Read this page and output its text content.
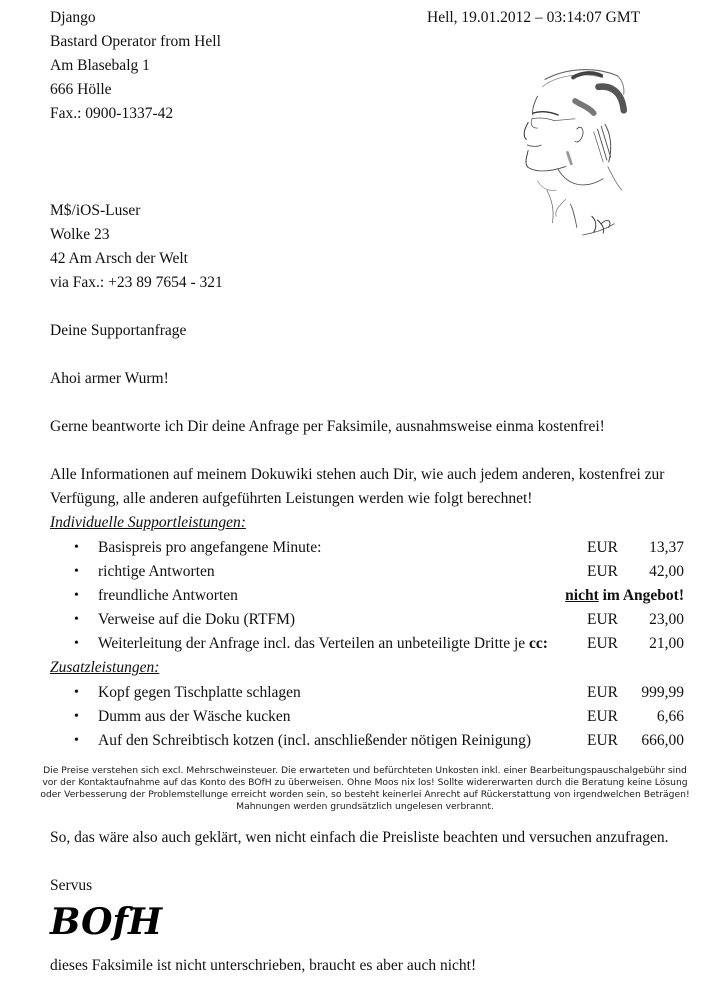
Django
Bastard Operator from Hell
Am Blasebalg 1
666 Hölle
Fax.: 0900-1337-42
Hell, 19.01.2012 – 03:14:07 GMT
M$/iOS-Luser
Wolke 23
42 Am Arsch der Welt
via Fax.: +23 89 7654 - 321
Deine Supportanfrage
Ahoi armer Wurm!
Gerne beantworte ich Dir deine Anfrage per Faksimile, ausnahmsweise einma kostenfrei!
Alle Informationen auf meinem Dokuwiki stehen auch Dir, wie auch jedem anderen, kostenfrei zur Verfügung, alle anderen aufgeführten Leistungen werden wie folgt berechnet!
Individuelle Supportleistungen:
• Basispreis pro angefangene Minute:	EUR 13,37
• richtige Antworten	EUR 42,00
• freundliche Antworten	nicht im Angebot!
• Verweise auf die Doku (RTFM)	EUR 23,00
• Weiterleitung der Anfrage incl. das Verteilen an unbeteiligte Dritte je cc:	EUR 21,00
Zusatzleistungen:
• Kopf gegen Tischplatte schlagen	EUR 999,99
• Dumm aus der Wäsche kucken	EUR	6,66
• Auf den Schreibtisch kotzen (incl. anschließender nötigen Reinigung)	EUR 666,00
Die Preise verstehen sich excl. Mehrschweinsteuer. Die erwarteten und befürchteten Unkosten inkl. einer Bearbeitungspauschalgebühr sind vor der Kontaktaufnahme auf das Konto des BOfH zu überweisen. Ohne Moos nix los! Sollte widererwarten durch die Beratung keine Lösung oder Verbesserung der Problemstellunge erreicht worden sein, so besteht keinerlei Anrecht auf Rückerstattung von irgendwelchen Beträgen! Mahnungen werden grundsätzlich ungelesen verbrannt.
So, das wäre also auch geklärt, wen nicht einfach die Preisliste beachten und versuchen anzufragen.
Servus
BOfH
dieses Faksimile ist nicht unterschrieben, braucht es aber auch nicht!
